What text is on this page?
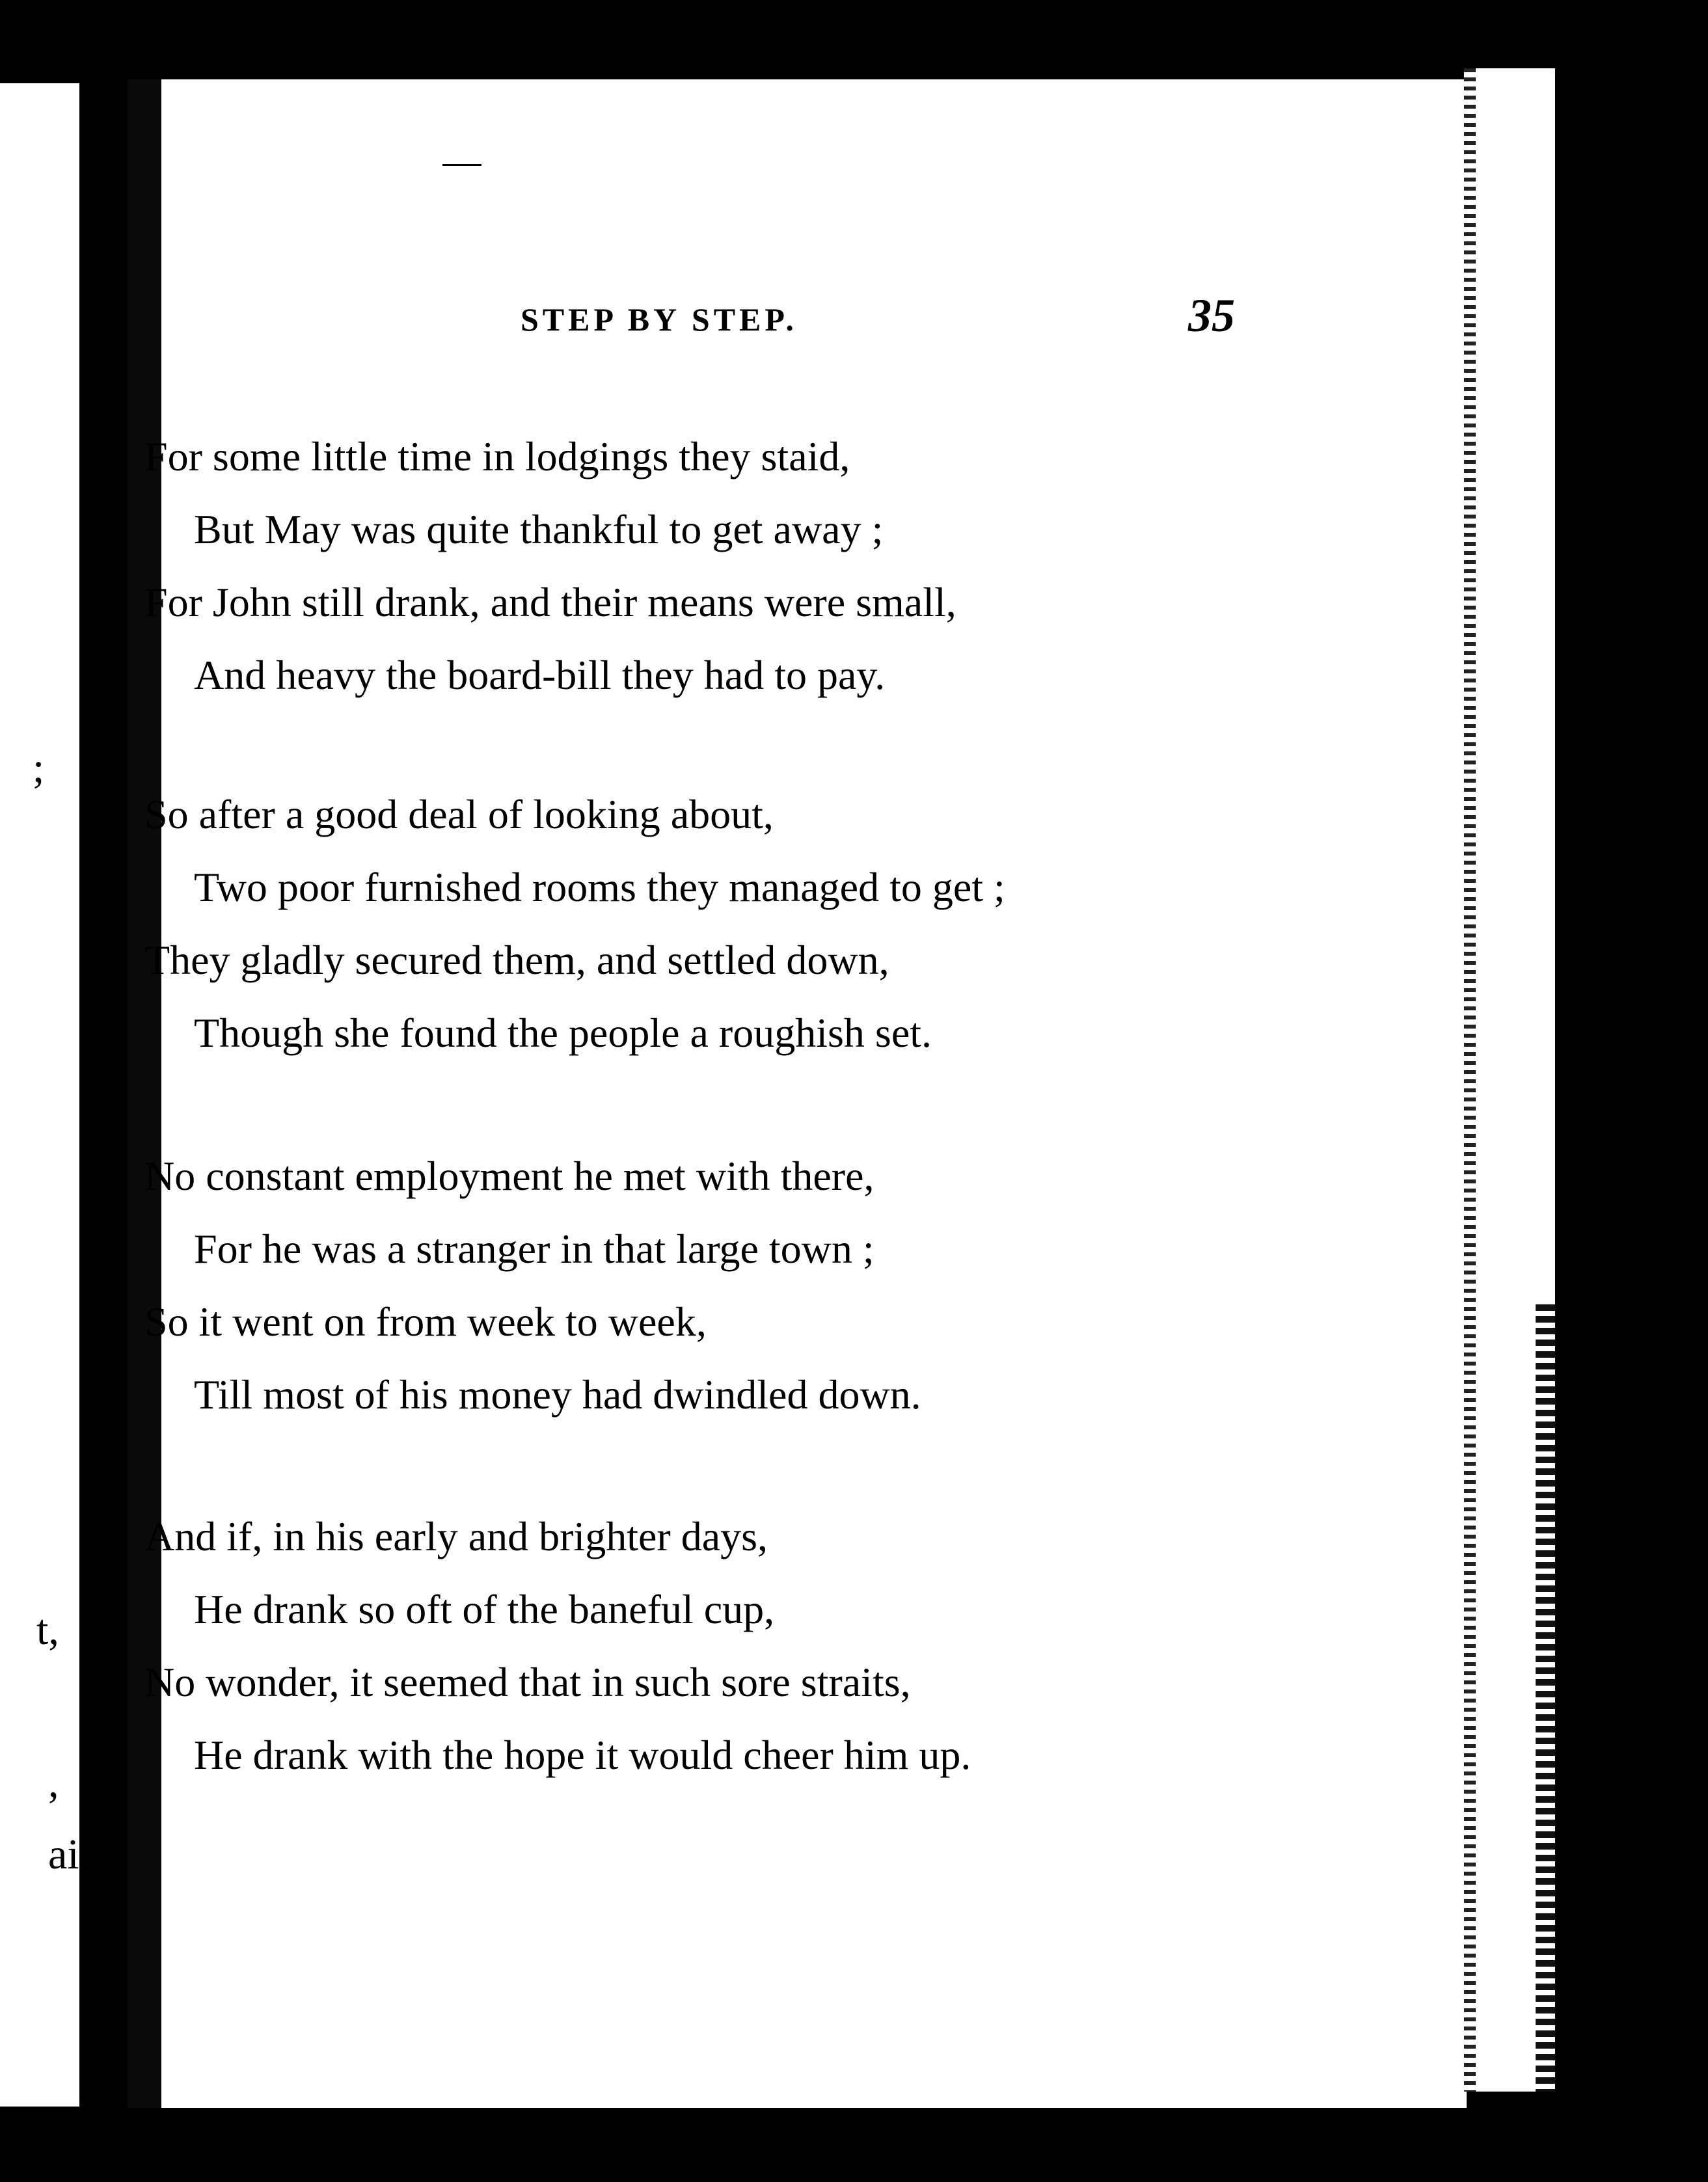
;
t,
,
ain
STEP BY STEP.	35
For some little time in lodgings they staid,
But May was quite thankful to get away ;
For John still drank, and their means were small,
And heavy the board-bill they had to pay.
So after a good deal of looking about,
Two poor furnished rooms they managed to get ;
They gladly secured them, and settled down,
Though she found the people a roughish set.
No constant employment he met with there,
For he was a stranger in that large town ;
So it went on from week to week,
Till most of his money had dwindled down.
And if, in his early and brighter days,
He drank so oft of the baneful cup,
No wonder, it seemed that in such sore straits,
He drank with the hope it would cheer him up.
